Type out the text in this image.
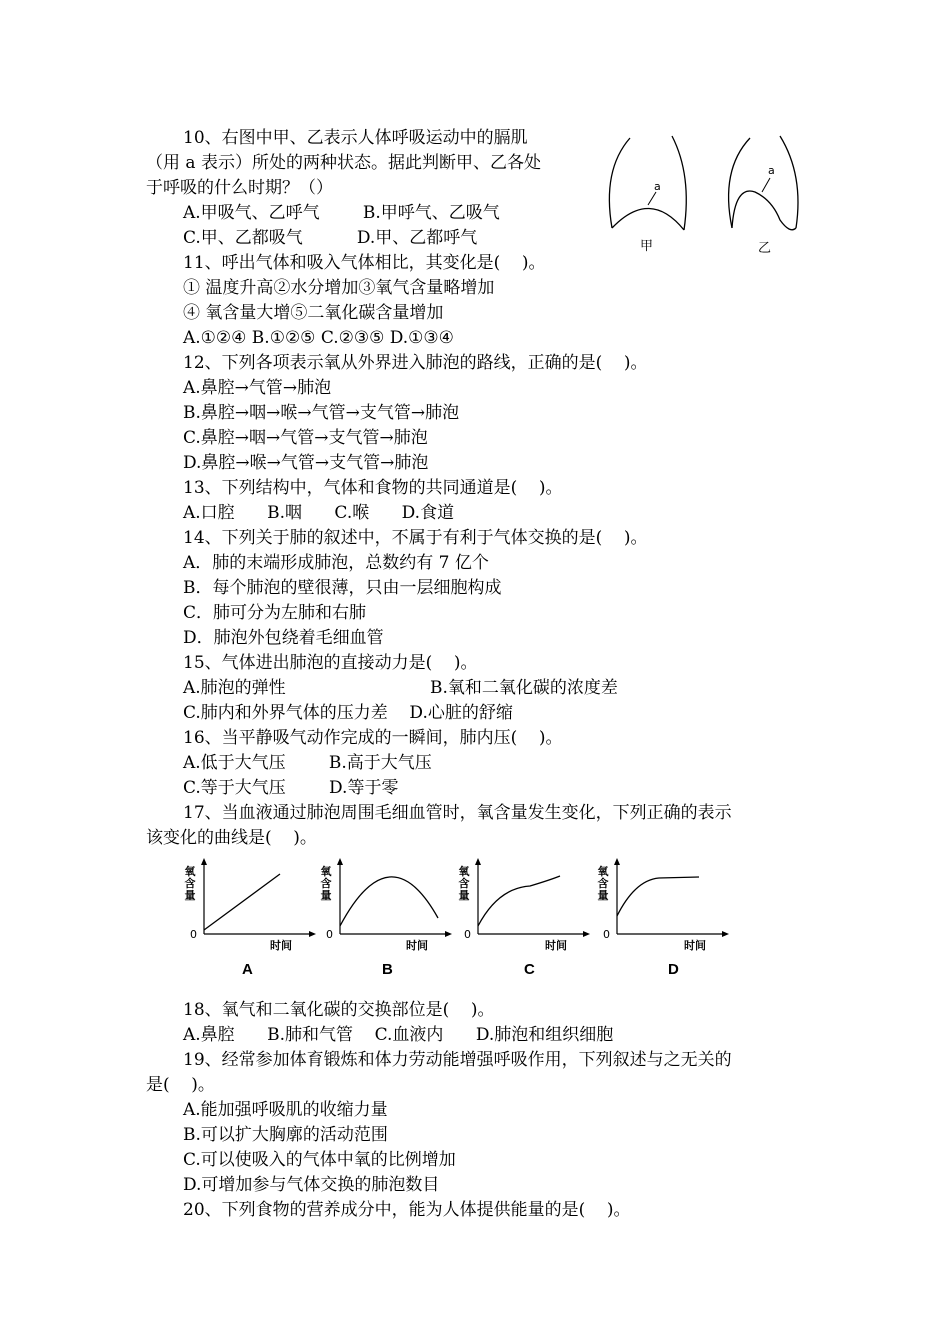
10、右图中甲、乙表示人体呼吸运动中的膈肌
（用 a 表示）所处的两种状态。据此判断甲、乙各处
于呼吸的什么时期？（）
A.甲吸气、乙呼气        B.甲呼气、乙吸气
C.甲、乙都吸气          D.甲、乙都呼气
a
甲
a
乙
11、呼出气体和吸入气体相比，其变化是(    )。
① 温度升高②水分增加③氧气含量略增加
④ 氧含量大增⑤二氧化碳含量增加
A.①②④ B.①②⑤ C.②③⑤ D.①③④
12、下列各项表示氧从外界进入肺泡的路线，正确的是(    )。
A.鼻腔→气管→肺泡
B.鼻腔→咽→喉→气管→支气管→肺泡
C.鼻腔→咽→气管→支气管→肺泡
D.鼻腔→喉→气管→支气管→肺泡
13、下列结构中，气体和食物的共同通道是(    )。
A.口腔      B.咽      C.喉      D.食道
14、下列关于肺的叙述中，不属于有利于气体交换的是(    )。
A．肺的末端形成肺泡，总数约有 7 亿个
B．每个肺泡的壁很薄，只由一层细胞构成
C．肺可分为左肺和右肺
D．肺泡外包绕着毛细血管
15、气体进出肺泡的直接动力是(    )。
A.肺泡的弹性	B.氧和二氧化碳的浓度差
C.肺内和外界气体的压力差    D.心脏的舒缩
16、当平静吸气动作完成的一瞬间，肺内压(    )。
A.低于大气压        B.高于大气压
C.等于大气压        D.等于零
17、当血液通过肺泡周围毛细血管时，氧含量发生变化，下列正确的表示
该变化的曲线是(    )。
氧含量
0
时间
A
氧含量
0
时间
B
氧含量
0
时间
C
氧含量
0
时间
D
18、氧气和二氧化碳的交换部位是(    )。
A.鼻腔      B.肺和气管    C.血液内      D.肺泡和组织细胞
19、经常参加体育锻炼和体力劳动能增强呼吸作用，下列叙述与之无关的
是(    )。
A.能加强呼吸肌的收缩力量
B.可以扩大胸廓的活动范围
C.可以使吸入的气体中氧的比例增加
D.可增加参与气体交换的肺泡数目
20、下列食物的营养成分中，能为人体提供能量的是(    )。
